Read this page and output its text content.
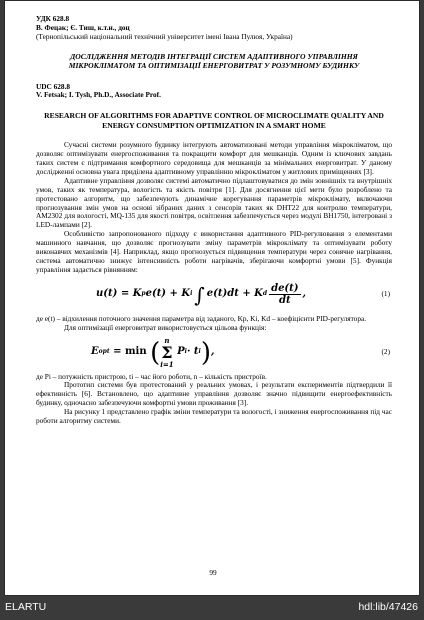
УДК 628.8

В. Фецак; Є. Тиш, к.т.н., доц

(Тернопільський національний технічний університет імені Івана Пулюя, Україна)

ДОСЛІДЖЕННЯ МЕТОДІВ ІНТЕГРАЦІЇ СИСТЕМ АДАПТИВНОГО УПРАВЛІННЯ МІКРОКЛІМАТОМ ТА ОПТИМІЗАЦІЇ ЕНЕРГОВИТРАТ У РОЗУМНОМУ БУДИНКУ

UDC 628.8

V. Fetsak; I. Tysh, Ph.D., Associate Prof.

RESEARCH OF ALGORITHMS FOR ADAPTIVE CONTROL OF MICROCLIMATE QUALITY AND ENERGY CONSUMPTION OPTIMIZATION IN A SMART HOME

Сучасні системи розумного будинку інтегрують автоматизовані методи управління мікрокліматом, що дозволяє оптимізувати енергоспоживання та покращити комфорт для мешканців. Одним із ключових завдань таких систем є підтримання комфортного середовища для мешканців за мінімальних енерговитрат. У даному дослідженні основна увага приділена адаптивному управлінню мікрокліматом у житлових приміщеннях [3].

Адаптивне управління дозволяє системі автоматично підлаштовуватися до змін зовнішніх та внутрішніх умов, таких як температура, вологість та якість повітря [1]. Для досягнення цієї мети було розроблено та протестовано алгоритм, що забезпечують динамічне корегування параметрів мікроклімату, включаючи прогнозування змін умов на основі зібраних даних з сенсорів таких як DHT22 для контролю температури, AM2302 для вологості, MQ-135 для якості повітря, освітлення забезпечується через модулі BH1750, інтегровані з LED-лампами [2].

Особливістю запропонованого підходу є використання адаптивного PID-регулювання з елементами машинного навчання, що дозволяє прогнозувати зміну параметрів мікроклімату та оптимізувати роботу виконавчих механізмів [4]. Наприклад, якщо прогнозується підвищення температури через сонячне нагрівання, система автоматично знижує інтенсивність роботи нагрівачів, зберігаючи комфортні умови [5]. Функція управління задається рівнянням:

u(t) = K p e(t) + K i ∫ e(t)dt + K d $\frac{de(t)}{dt}$ ,	(1)

де e(t) – відхилення поточного значення параметра від заданого, Kp, Ki, Kd – коефіцієнти PID-регулятора.

Для оптимізації енерговитрат використовується цільова функція:

E opt = min
( n
Σ
i=1
P i · t i ) ,	(2)

де Pi – потужність пристрою, ti – час його роботи, n – кількість пристроїв.

Прототип системи був протестований у реальних умовах, і результати експериментів підтвердили її ефективність [6]. Встановлено, що адаптивне управління дозволяє значно підвищити енергоефективність будинку, одночасно забезпечуючи комфортні умови проживання [3].

На рисунку 1 представлено графік зміни температури та вологості, і зниження енергоспоживання під час роботи алгоритму системи.

99
ELARTU	hdl:lib/47426
